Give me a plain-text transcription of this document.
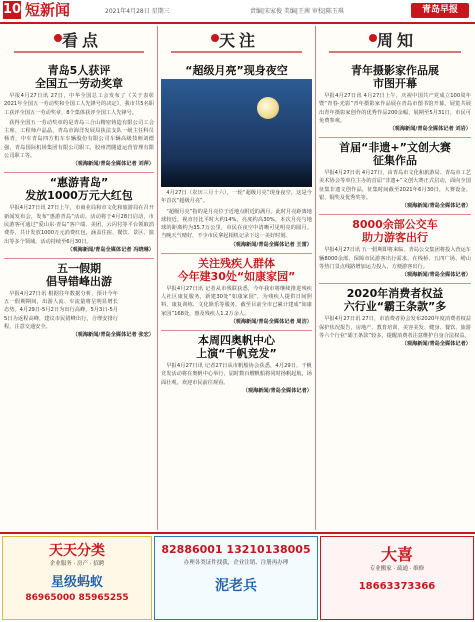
10 短新闻	2021年4月28日 星期三	责编|宋家俊 美编|王茜 审校|陈玉琪	青岛早报
看 点
青岛5人获评
全国五一劳动奖章

早报4月27日讯 27日，中华全国总工会发布了《关于表彰2021年全国五一劳动奖和全国工人先锋号的决定》，我市共5名职工获评全国五一劳动奖章，8个集体获评全国工人先锋号。

获得全国五一劳动奖章的是青岛三合山精密铸造有限公司工会主席、工程师卢晶晶，青岛市海洋发展局执法支队一级主任科员杨青，中车青岛四方机车车辆股份有限公司车辆高级技师刘德强，青岛国际机场集团有限公司职工，胶州湾隧道运营管理有限公司职工等。

（观海新闻/青岛全媒体记者 刘萍）
“惠游青岛”
发放1000万元大红包

早报4月27日讯 27日上午，市商业局和市文化和旅游局在召开新闻发布会，发布“惠游青岛”活动。活动将于4月28日启动，市民游客可通过“爱山东·青岛”客户端、美团、云闪付等平台领取消费券，共计发放1000万元消费红包，涵盖住宿、餐饮、景区、演出等多个领域，活动持续至6月30日。

（观海新闻/青岛全媒体记者 冯晓琳）
五一假期
倡导错峰出游

早报4月27日讯 根据往年数据分析，预计今年五一假期期间，出游人流、车流量将呈明显增长态势。4月29日-5月2日为出行高峰，5月3日-5月5日为返程高峰，建议市民错峰出行，合理安排行程，注意交通安全。

（观海新闻/青岛全媒体记者 张宏）
天 注
“超级月亮”现身夜空

4月27日（农历三月十六），一轮“超级月亮”现身夜空，这是今年首次“超级月亮”。

“超级月亮”指的是月亮位于近地点附近的满月。此时月亮距离地球较近，视直径比平时大约14%，亮度约高30%。本次月亮与地球的距离约为35.7万公里，市民在夜空中清晰可见明亮的圆月。当晚天气晴好，不少市民拿起相机记录下这一美好时刻。

（观海新闻/青岛全媒体记者 王雷）
关注残疾人群体
今年建30处“如康家园”

早报4月27日讯 记者从市残联获悉，今年我市将继续推进残疾人社区康复服务，新建30处“如康家园”，为残疾人提供日间照料、康复训练、文化娱乐等服务，截至目前全市已累计建成“如康家园”168处，惠及残疾人1.2万余人。

（观海新闻/青岛全媒体记者 周洁）
本周四奥帆中心
上演“千帆竞发”

早报4月27日讯 记者27日从市帆船协会获悉，4月29日，千帆竞发活动将在奥帆中心举行，届时数百艘帆船将同时扬帆起航，场面壮观，欢迎市民前往观看。

（观海新闻/青岛全媒体记者）
周 知
青年摄影家作品展
市图开幕

早报4月27日讯 4月27日上午，庆祝中国共产党成立100周年暨“青春·光影”青年摄影家作品展在青岛市图书馆开幕。展览共展出青年摄影家创作的优秀作品200余幅，展期至5月31日，市民可免费参观。

（观海新闻/青岛全媒体记者 刘岩）
首届“非遗+”文创大赛
征集作品

早报4月27日讯 4月27日，由青岛市文化和旅游局、青岛市工艺美术协会等单位主办的首届“非遗+”文创大赛正式启动，面向全国征集非遗文创作品，征集时间截至2021年6月30日，大赛设金、银、铜奖及优秀奖等。

（观海新闻/青岛全媒体记者）
8000余部公交车
助力游客出行

早报4月27日讯 五一假期即将来临，青岛公交集团将投入营运车辆8000余部，保障市民游客出行需求。在栈桥、五四广场、崂山等热门景点线路增加运力投入，方便游客出行。

（观海新闻/青岛全媒体记者）
2020年消费者权益
六行业“霸王条款”多

早报4月27日讯 27日，市消费者协会发布2020年度消费者权益保护状况报告，房地产、教育培训、美容美发、健身、餐饮、旅游等六个行业“霸王条款”较多，提醒消费者注意维护自身合法权益。

（观海新闻/青岛全媒体记者）
天天分类
企业服务 · 房产 · 招聘
星级蚂蚁
86965000 85965255
82886001 13210138005
办理各类证件找我，企业注销、注册再办理
泥老兵
大喜
专业搬家 · 疏通 · 维修
18663373366
